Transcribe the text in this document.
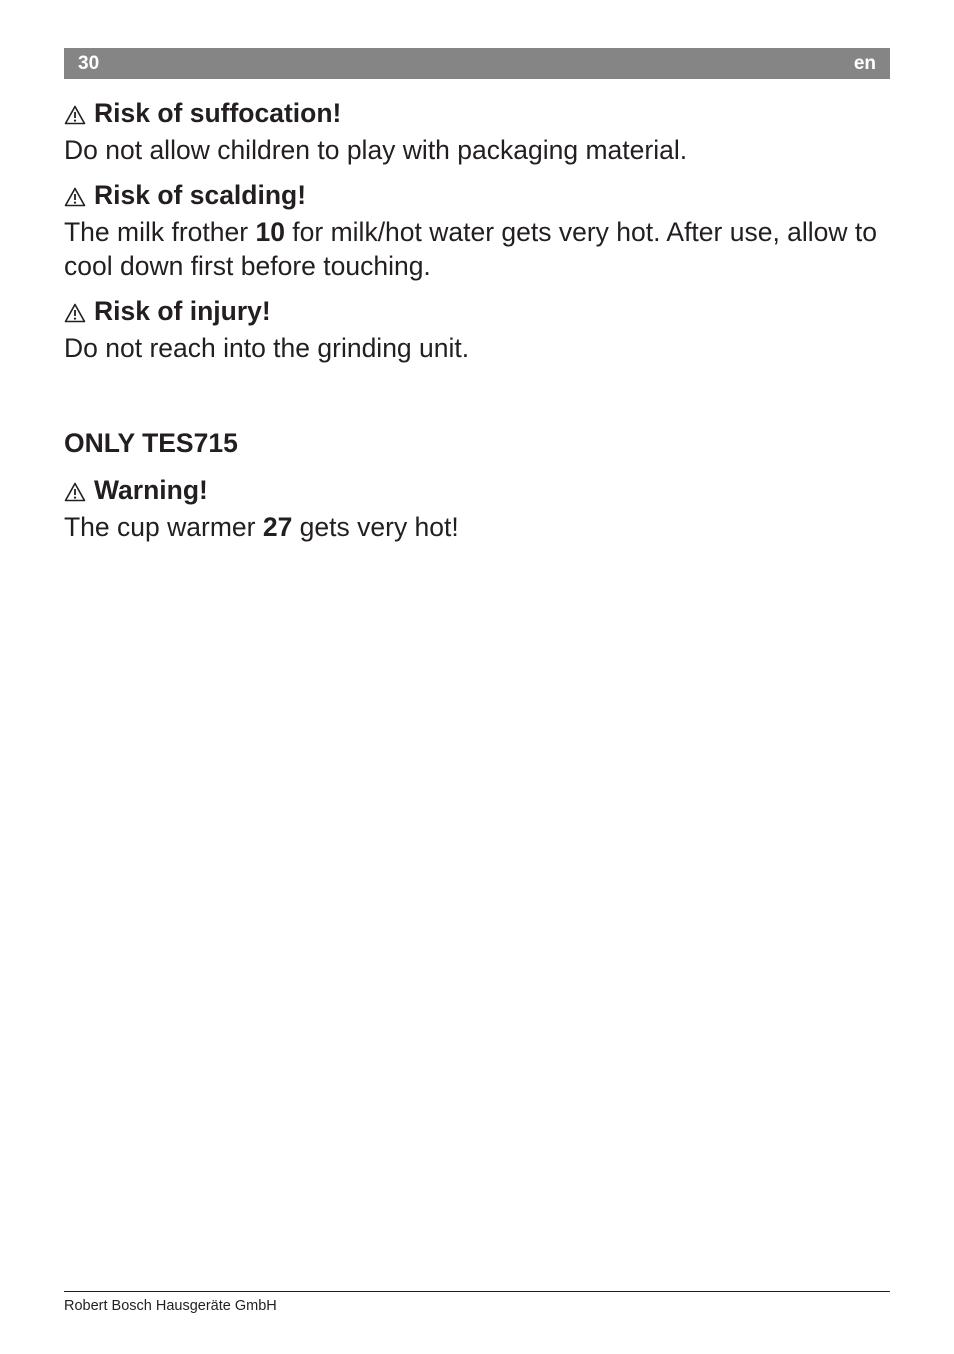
30	en

Risk of suffocation!

Do not allow children to play with packaging material.

Risk of scalding!

The milk frother 10 for milk/hot water gets very hot. After use, allow to cool down first before touching.

Risk of injury!

Do not reach into the grinding unit.

ONLY TES715

Warning!

The cup warmer 27 gets very hot!

Robert Bosch Hausgeräte GmbH
